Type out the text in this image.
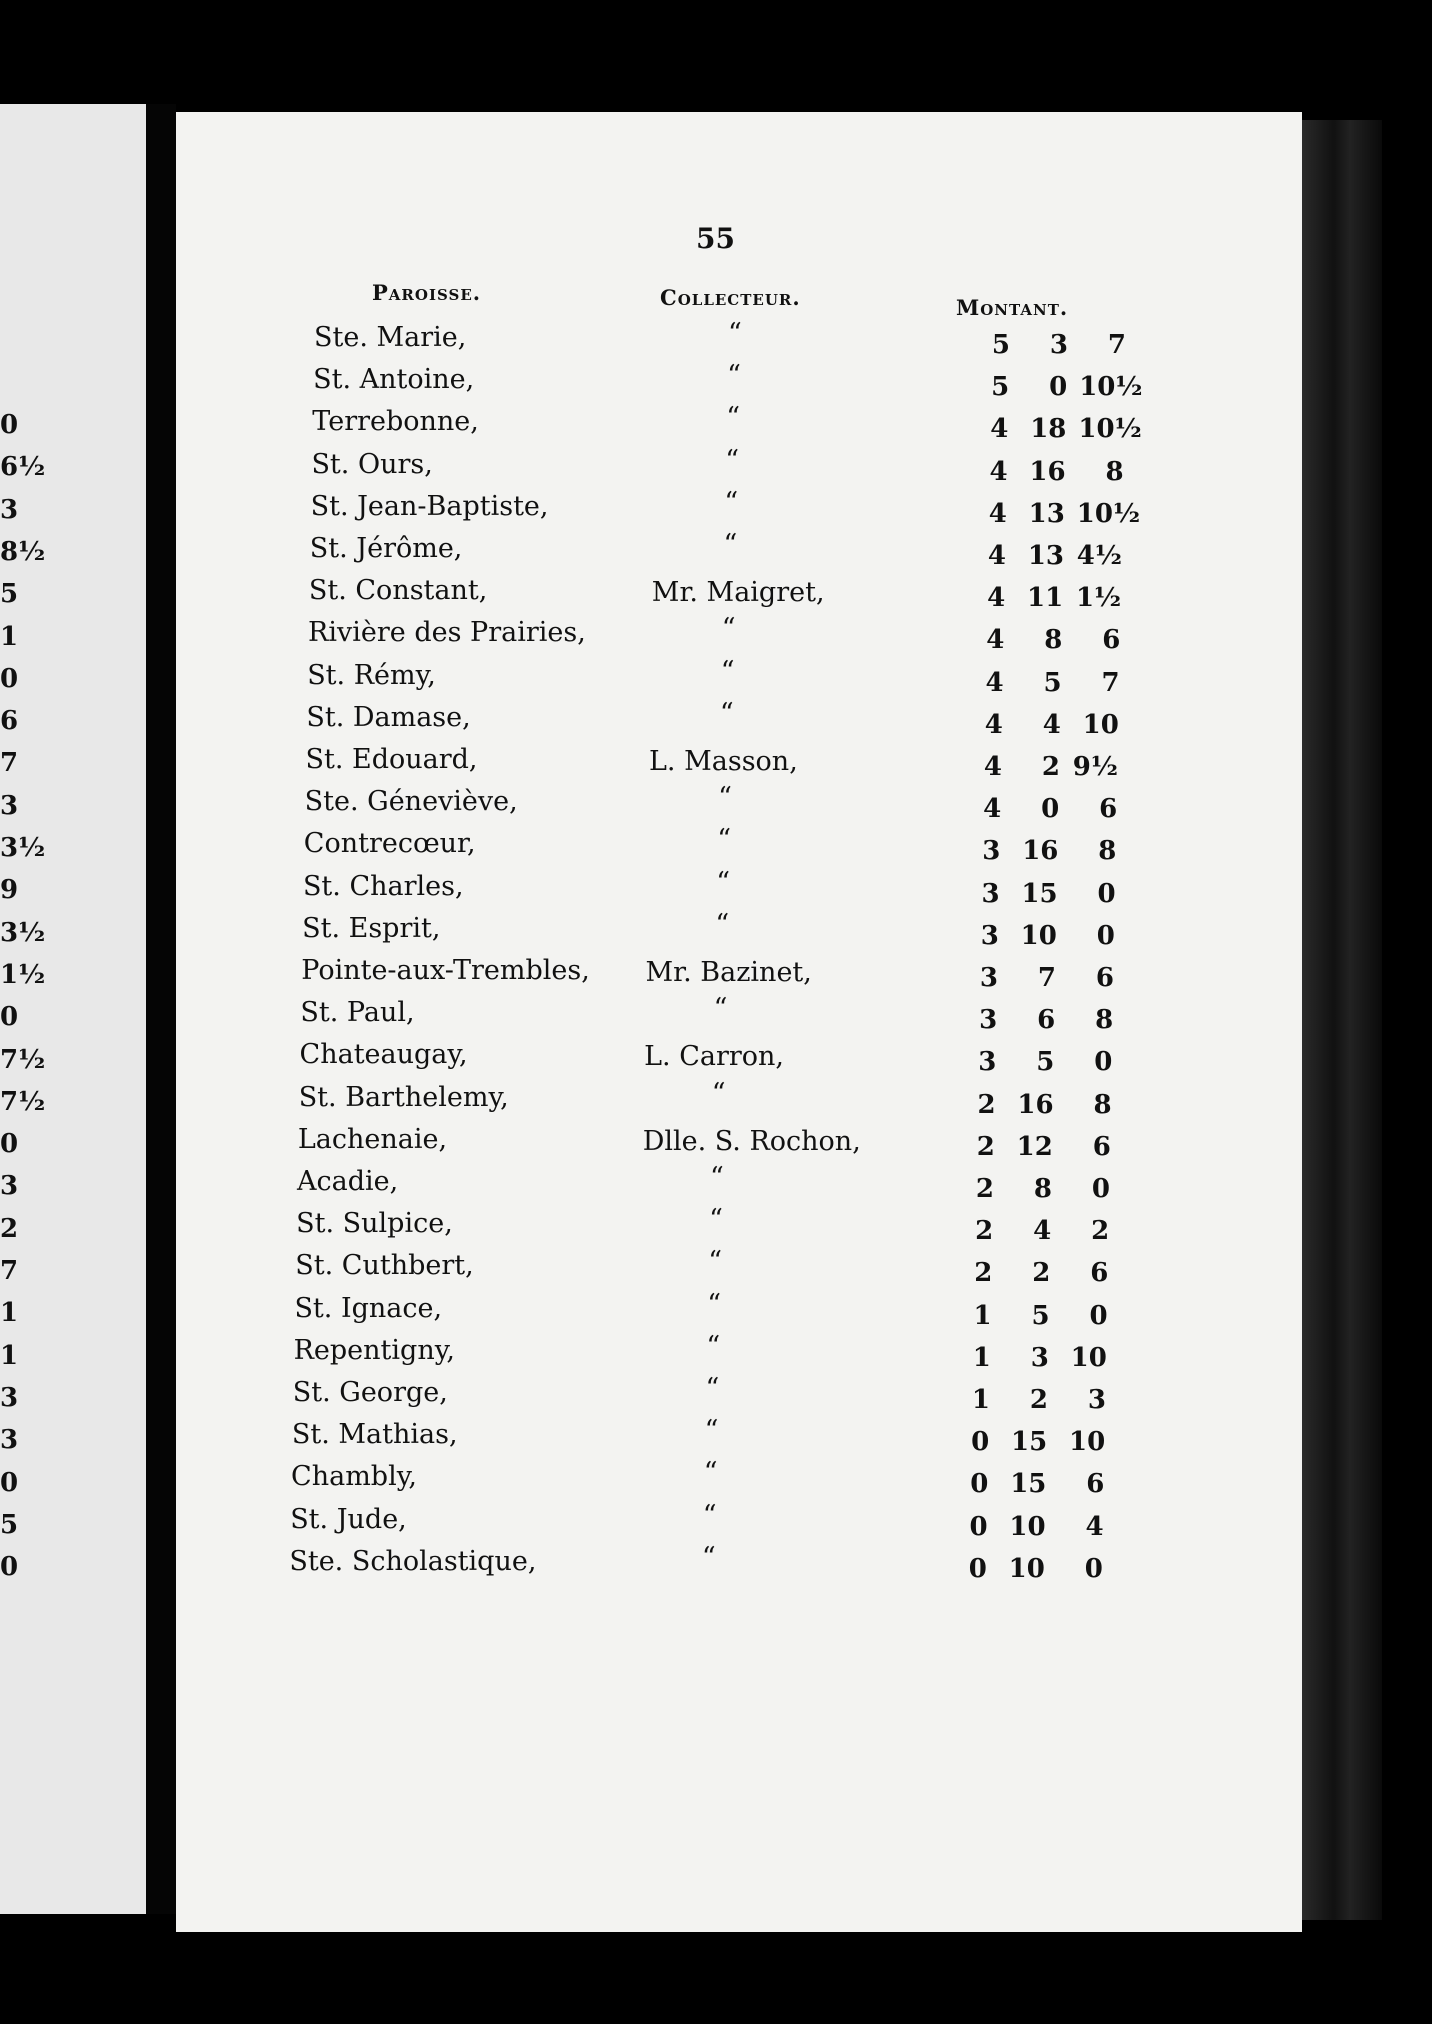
0
6½
3
8½
5
1
0
6
7
3
3½
9
3½
1½
0
7½
7½
0
3
2
7
1
1
3
3
0
5
0
55
Paroisse.	Collecteur.	Montant.
Ste. Marie,	“	5	3	7
St. Antoine,	“	5	0 10½
Terrebonne,	“	4 18 10½
St. Ours,	“	4 16	8
St. Jean-Baptiste,	“	4 13 10½
St. Jérôme,	“	4 13 4½
St. Constant,	Mr. Maigret,	4 11 1½
Rivière des Prairies,	“	4	8	6
St. Rémy,	“	4	5	7
St. Damase,	“	4	4 10
St. Edouard,	L. Masson,	4	2 9½
Ste. Géneviève,	“	4	0	6
Contrecœur,	“	3 16	8
St. Charles,	“	3 15	0
St. Esprit,	“	3 10	0
Pointe-aux-Trembles, Mr. Bazinet,	3	7	6
St. Paul,	“	3	6	8
Chateaugay,	L. Carron,	3	5	0
St. Barthelemy,	“	2 16	8
Lachenaie,	Dlle. S. Rochon,	2 12	6
Acadie,	“	2	8	0
St. Sulpice,	“	2	4	2
St. Cuthbert,	“	2	2	6
St. Ignace,	“	1	5	0
Repentigny,	“	1	3 10
St. George,	“	1	2	3
St. Mathias,	“	0 15 10
Chambly,	“	0 15	6
St. Jude,	“	0 10	4
Ste. Scholastique,	“	0 10	0
